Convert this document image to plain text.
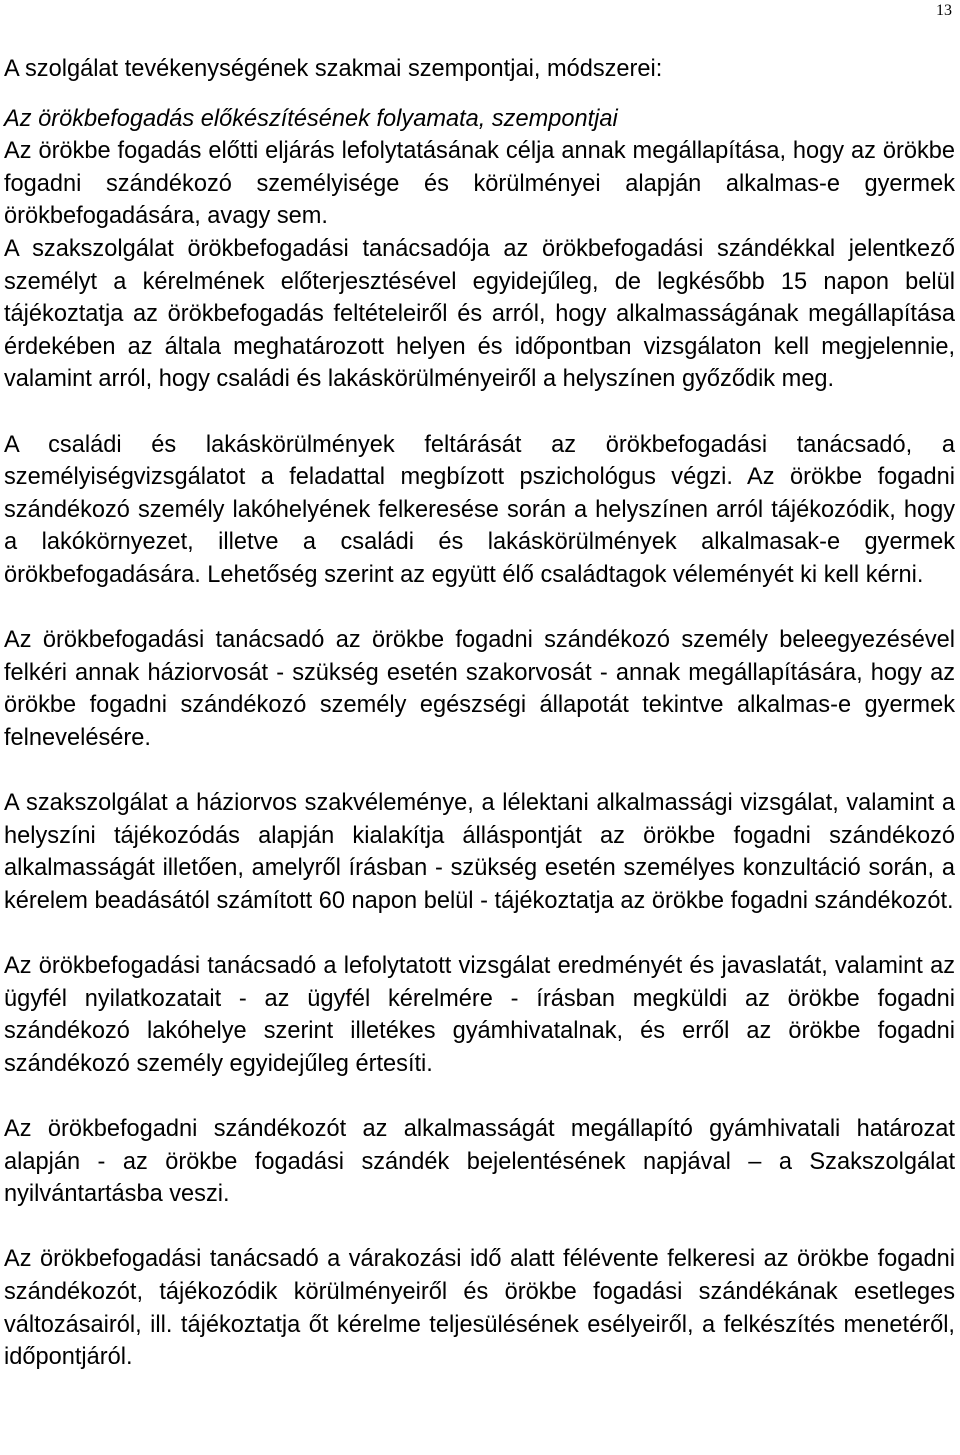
13
A szolgálat tevékenységének szakmai szempontjai, módszerei:
Az örökbefogadás előkészítésének folyamata, szempontjai

Az örökbe fogadás előtti eljárás lefolytatásának célja annak megállapítása, hogy az örökbe fogadni szándékozó személyisége és körülményei alapján alkalmas-e gyermek örökbefogadására, avagy sem.

A szakszolgálat örökbefogadási tanácsadója az örökbefogadási szándékkal jelentkező személyt a kérelmének előterjesztésével egyidejűleg, de legkésőbb 15 napon belül tájékoztatja az örökbefogadás feltételeiről és arról, hogy alkalmasságának megállapítása érdekében az általa meghatározott helyen és időpontban vizsgálaton kell megjelennie, valamint arról, hogy családi és lakáskörülményeiről a helyszínen győződik meg.

A családi és lakáskörülmények feltárását az örökbefogadási tanácsadó, a személyiségvizsgálatot a feladattal megbízott pszichológus végzi. Az örökbe fogadni szándékozó személy lakóhelyének felkeresése során a helyszínen arról tájékozódik, hogy a lakókörnyezet, illetve a családi és lakáskörülmények alkalmasak-e gyermek örökbefogadására. Lehetőség szerint az együtt élő családtagok véleményét ki kell kérni.

Az örökbefogadási tanácsadó az örökbe fogadni szándékozó személy beleegyezésével felkéri annak háziorvosát - szükség esetén szakorvosát - annak megállapítására, hogy az örökbe fogadni szándékozó személy egészségi állapotát tekintve alkalmas-e gyermek felnevelésére.

A szakszolgálat a háziorvos szakvéleménye, a lélektani alkalmassági vizsgálat, valamint a helyszíni tájékozódás alapján kialakítja álláspontját az örökbe fogadni szándékozó alkalmasságát illetően, amelyről írásban - szükség esetén személyes konzultáció során, a kérelem beadásától számított 60 napon belül - tájékoztatja az örökbe fogadni szándékozót.

Az örökbefogadási tanácsadó a lefolytatott vizsgálat eredményét és javaslatát, valamint az ügyfél nyilatkozatait - az ügyfél kérelmére - írásban megküldi az örökbe fogadni szándékozó lakóhelye szerint illetékes gyámhivatalnak, és erről az örökbe fogadni szándékozó személy egyidejűleg értesíti.

Az örökbefogadni szándékozót az alkalmasságát megállapító gyámhivatali határozat alapján - az örökbe fogadási szándék bejelentésének napjával – a Szakszolgálat nyilvántartásba veszi.

Az örökbefogadási tanácsadó a várakozási idő alatt félévente felkeresi az örökbe fogadni szándékozót, tájékozódik körülményeiről és örökbe fogadási szándékának esetleges változásairól, ill. tájékoztatja őt kérelme teljesülésének esélyeiről, a felkészítés menetéről, időpontjáról.
